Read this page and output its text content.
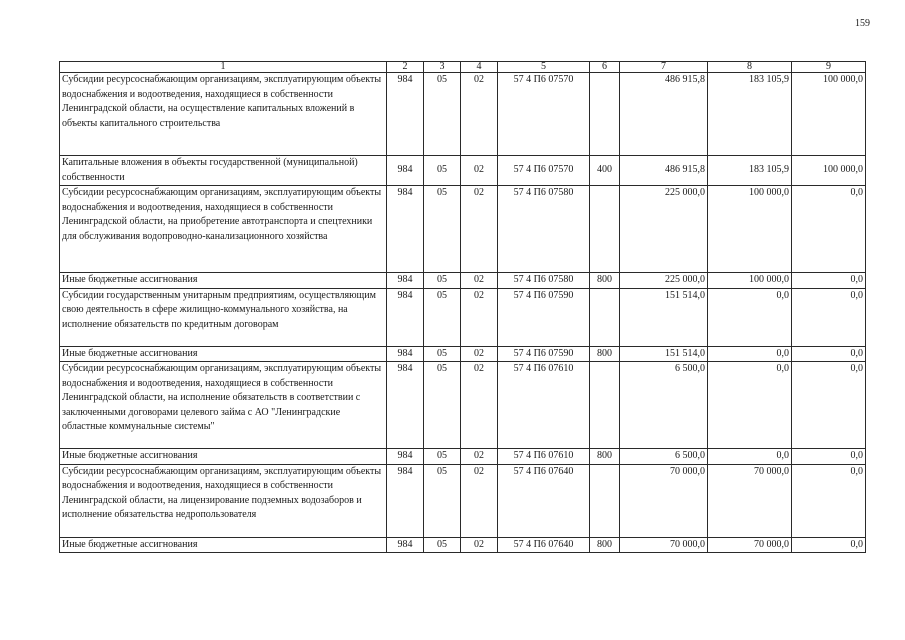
159
1	2	3	4	5	6	7	8	9
Субсидии ресурсоснабжающим организациям, эксплуатирующим объекты водоснабжения и водоотведения, находящиеся в собственности Ленинградской области, на осуществление капитальных вложений в объекты капитального строительства	984	05	02	57 4 П6 07570		486 915,8	183 105,9	100 000,0
Капитальные вложения в объекты государственной (муниципальной) собственности	984	05	02	57 4 П6 07570	400	486 915,8	183 105,9	100 000,0
Субсидии ресурсоснабжающим организациям, эксплуатирующим объекты водоснабжения и водоотведения, находящиеся в собственности Ленинградской области, на приобретение автотранспорта и спецтехники для обслуживания водопроводно-канализационного хозяйства	984	05	02	57 4 П6 07580		225 000,0	100 000,0	0,0
Иные бюджетные ассигнования	984	05	02	57 4 П6 07580	800	225 000,0	100 000,0	0,0
Субсидии государственным унитарным предприятиям, осуществляющим свою деятельность в сфере жилищно-коммунального хозяйства, на исполнение обязательств по кредитным договорам	984	05	02	57 4 П6 07590		151 514,0	0,0	0,0
Иные бюджетные ассигнования	984	05	02	57 4 П6 07590	800	151 514,0	0,0	0,0
Субсидии ресурсоснабжающим организациям, эксплуатирующим объекты водоснабжения и водоотведения, находящиеся в собственности Ленинградской области, на исполнение обязательств в соответствии с заключенными договорами целевого займа с АО "Ленинградские областные коммунальные системы"	984	05	02	57 4 П6 07610		6 500,0	0,0	0,0
Иные бюджетные ассигнования	984	05	02	57 4 П6 07610	800	6 500,0	0,0	0,0
Субсидии ресурсоснабжающим организациям, эксплуатирующим объекты водоснабжения и водоотведения, находящиеся в собственности Ленинградской области, на лицензирование подземных водозаборов и исполнение обязательства недропользователя	984	05	02	57 4 П6 07640		70 000,0	70 000,0	0,0
Иные бюджетные ассигнования	984	05	02	57 4 П6 07640	800	70 000,0	70 000,0	0,0
